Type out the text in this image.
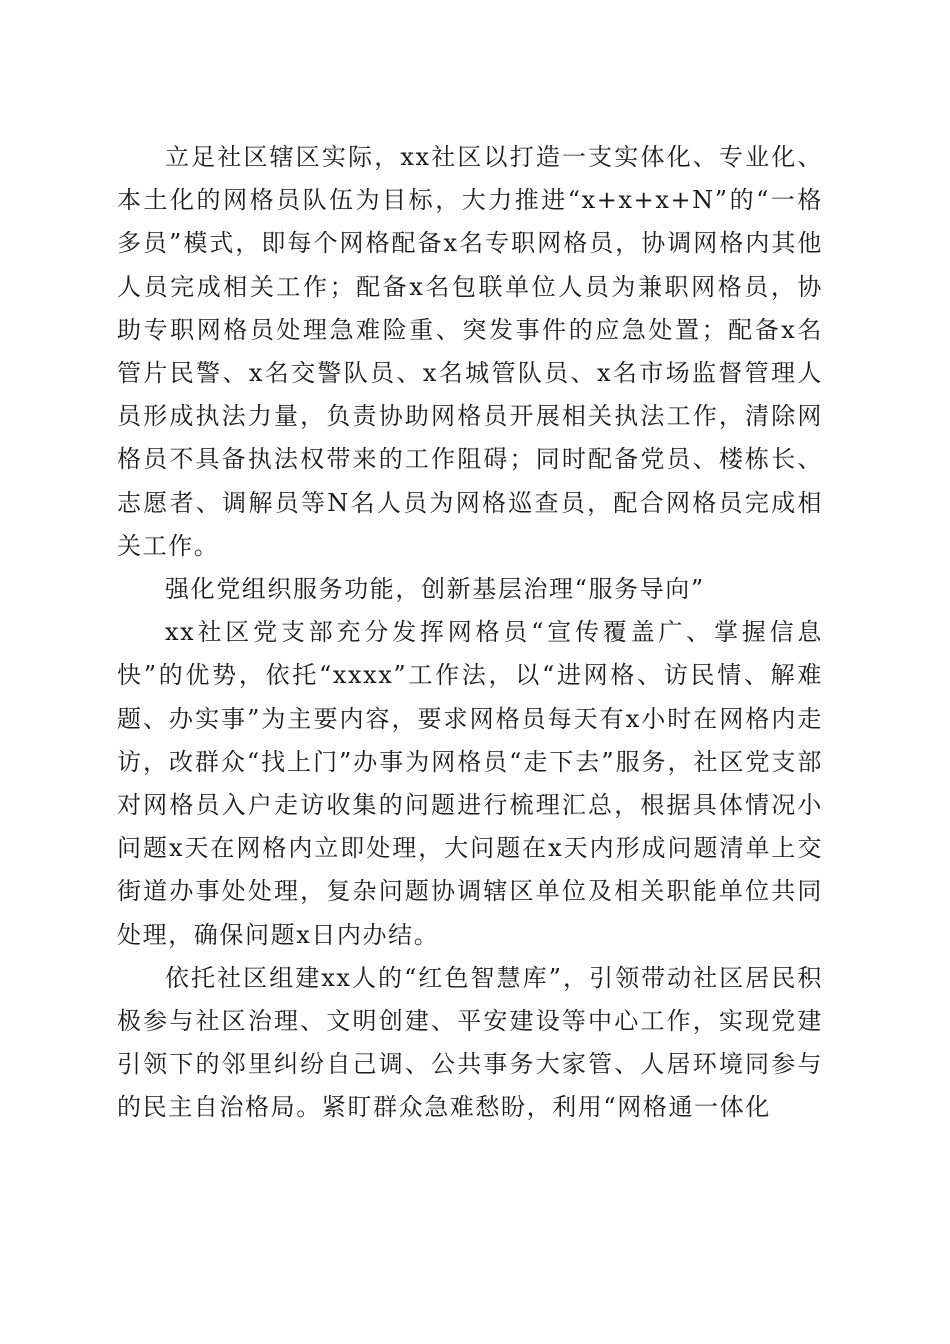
立足社区辖区实际，xx社区以打造一支实体化、专业化、本土化的网格员队伍为目标，大力推进“x+x+x+N”的“一格多员”模式，即每个网格配备x名专职网格员，协调网格内其他人员完成相关工作；配备x名包联单位人员为兼职网格员，协助专职网格员处理急难险重、突发事件的应急处置；配备x名管片民警、x名交警队员、x名城管队员、x名市场监督管理人员形成执法力量，负责协助网格员开展相关执法工作，清除网格员不具备执法权带来的工作阻碍；同时配备党员、楼栋长、志愿者、调解员等N名人员为网格巡查员，配合网格员完成相关工作。

强化党组织服务功能，创新基层治理“服务导向”

xx社区党支部充分发挥网格员“宣传覆盖广、掌握信息快”的优势，依托“xxxx”工作法，以“进网格、访民情、解难题、办实事”为主要内容，要求网格员每天有x小时在网格内走访，改群众“找上门”办事为网格员“走下去”服务，社区党支部对网格员入户走访收集的问题进行梳理汇总，根据具体情况小问题x天在网格内立即处理，大问题在x天内形成问题清单上交街道办事处处理，复杂问题协调辖区单位及相关职能单位共同处理，确保问题x日内办结。

依托社区组建xx人的“红色智慧库”，引领带动社区居民积极参与社区治理、文明创建、平安建设等中心工作，实现党建引领下的邻里纠纷自己调、公共事务大家管、人居环境同参与的民主自治格局。紧盯群众急难愁盼，利用“网格通一体化
